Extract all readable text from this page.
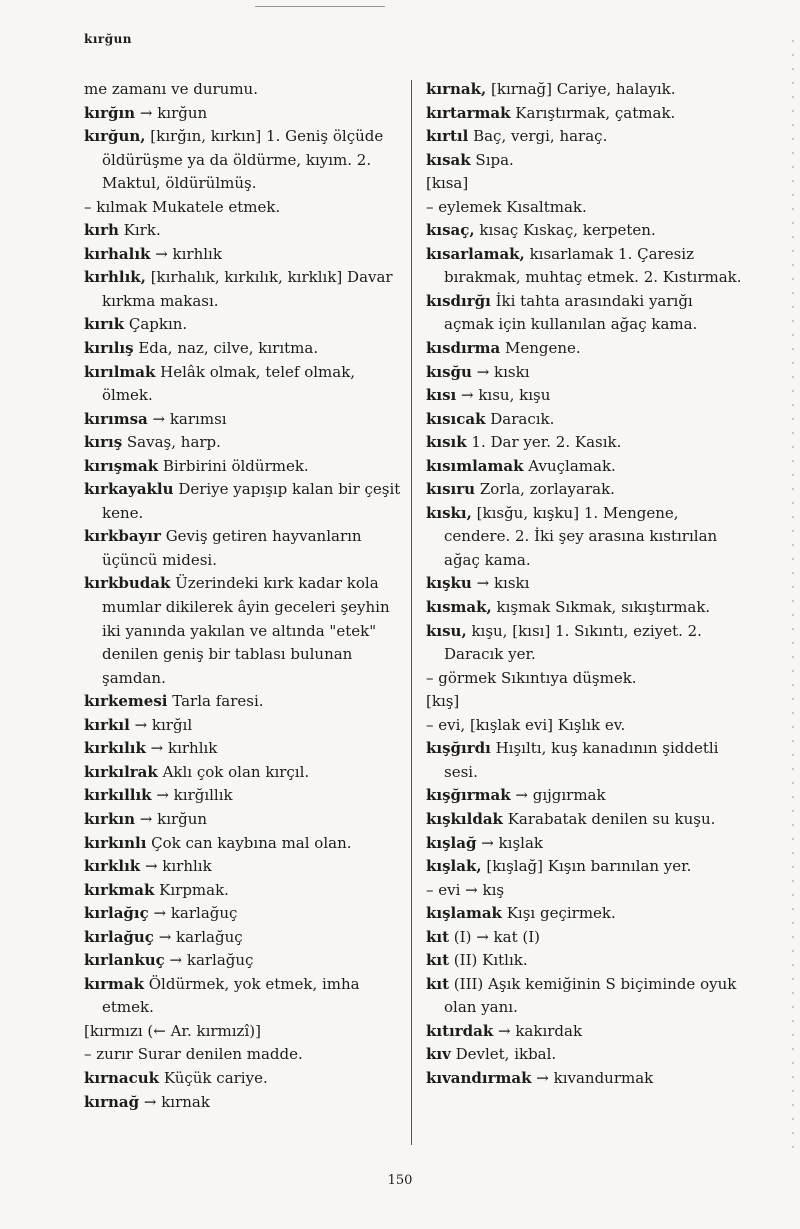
kırğun
me zamanı ve durumu.
kırğın → kırğun
kırğun, [kırğın, kırkın] 1. Geniş ölçüde öldürüşme ya da öldürme, kıyım. 2. Maktul, öldürülmüş.
– kılmak Mukatele etmek.
kırh Kırk.
kırhalık → kırhlık
kırhlık, [kırhalık, kırkılık, kırklık] Davar kırkma makası.
kırık Çapkın.
kırılış Eda, naz, cilve, kırıtma.
kırılmak Helâk olmak, telef olmak, ölmek.
kırımsa → karımsı
kırış Savaş, harp.
kırışmak Birbirini öldürmek.
kırkayaklu Deriye yapışıp kalan bir çeşit kene.
kırkbayır Geviş getiren hayvanların üçüncü midesi.
kırkbudak Üzerindeki kırk kadar kola mumlar dikilerek âyin geceleri şeyhin iki yanında yakılan ve altında "etek" denilen geniş bir tablası bulunan şamdan.
kırkemesi Tarla faresi.
kırkıl → kırğıl
kırkılık → kırhlık
kırkılrak Aklı çok olan kırçıl.
kırkıllık → kırğıllık
kırkın → kırğun
kırkınlı Çok can kaybına mal olan.
kırklık → kırhlık
kırkmak Kırpmak.
kırlağıç → karlağuç
kırlağuç → karlağuç
kırlankuç → karlağuç
kırmak Öldürmek, yok etmek, imha etmek.
[kırmızı (← Ar. kırmızî)]
– zurır Surar denilen madde.
kırnacuk Küçük cariye.
kırnağ → kırnak
kırnak, [kırnağ] Cariye, halayık.
kırtarmak Karıştırmak, çatmak.
kırtıl Baç, vergi, haraç.
kısak Sıpa.
[kısa]
– eylemek Kısaltmak.
kısaç, kısaç Kıskaç, kerpeten.
kısarlamak, kısarlamak 1. Çaresiz bırakmak, muhtaç etmek. 2. Kıstırmak.
kısdırğı İki tahta arasındaki yarığı açmak için kullanılan ağaç kama.
kısdırma Mengene.
kısğu → kıskı
kısı → kısu, kışu
kısıcak Daracık.
kısık 1. Dar yer. 2. Kasık.
kısımlamak Avuçlamak.
kısıru Zorla, zorlayarak.
kıskı, [kısğu, kışku] 1. Mengene, cendere. 2. İki şey arasına kıstırılan ağaç kama.
kışku → kıskı
kısmak, kışmak Sıkmak, sıkıştırmak.
kısu, kışu, [kısı] 1. Sıkıntı, eziyet. 2. Daracık yer.
– görmek Sıkıntıya düşmek.
[kış]
– evi, [kışlak evi] Kışlık ev.
kışğırdı Hışıltı, kuş kanadının şiddetli sesi.
kışğırmak → gıjgırmak
kışkıldak Karabatak denilen su kuşu.
kışlağ → kışlak
kışlak, [kışlağ] Kışın barınılan yer.
– evi → kış
kışlamak Kışı geçirmek.
kıt (I) → kat (I)
kıt (II) Kıtlık.
kıt (III) Aşık kemiğinin S biçiminde oyuk olan yanı.
kıtırdak → kakırdak
kıv Devlet, ikbal.
kıvandırmak → kıvandurmak
150
